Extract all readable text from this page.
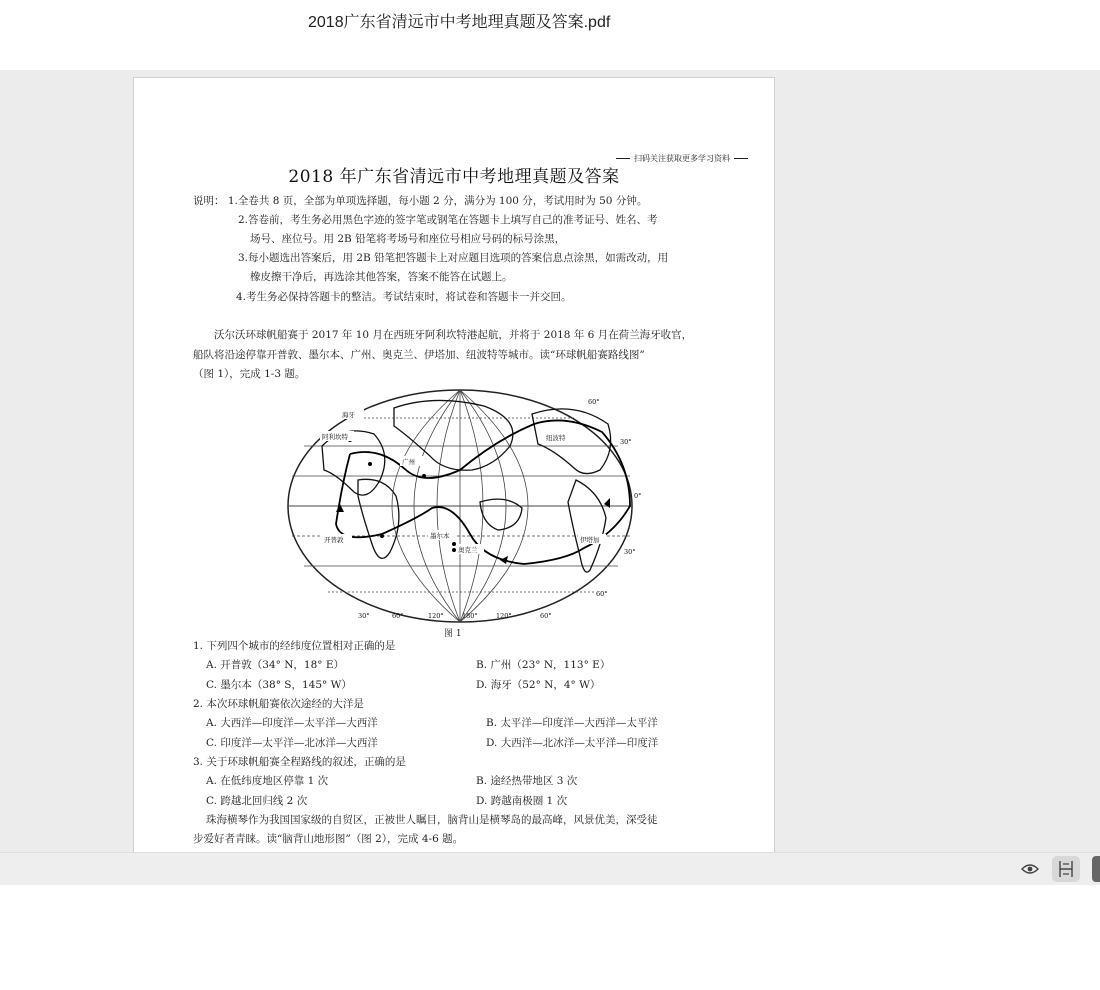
2018广东省清远市中考地理真题及答案.pdf
扫码关注获取更多学习资料
2018 年广东省清远市中考地理真题及答案
说明： 1.全卷共 8 页，全部为单项选择题，每小题 2 分，满分为 100 分，考试用时为 50 分钟。
2.答卷前，考生务必用黑色字迹的签字笔或钢笔在答题卡上填写自己的准考证号、姓名、考
场号、座位号。用 2B 铅笔将考场号和座位号相应号码的标号涂黑，
3.每小题选出答案后，用 2B 铅笔把答题卡上对应题目选项的答案信息点涂黑，如需改动，用
橡皮擦干净后，再选涂其他答案，答案不能答在试题上。
4.考生务必保持答题卡的整洁。考试结束时，将试卷和答题卡一并交回。
沃尔沃环球帆船赛于 2017 年 10 月在西班牙阿利坎特港起航，并将于 2018 年 6 月在荷兰海牙收官，
船队将沿途停靠开普敦、墨尔本、广州、奥克兰、伊塔加、纽波特等城市。读“环球帆船赛路线图”
（图 1），完成 1-3 题。
海牙
阿利坎特
广州
纽波特
开普敦	墨尔本
奥克兰
伊塔加
60°
30°
0°
30°
60°
30°	60°	120°	180°	120°	60°
图 1
1. 下列四个城市的经纬度位置相对正确的是
A. 开普敦（34° N，18° E）	B. 广州（23° N，113° E）
C. 墨尔本（38° S，145° W）	D. 海牙（52° N，4° W）
2. 本次环球帆船赛依次途经的大洋是
A. 大西洋—印度洋—太平洋—大西洋	B. 太平洋—印度洋—大西洋—太平洋
C. 印度洋—太平洋—北冰洋—大西洋	D. 大西洋—北冰洋—太平洋—印度洋
3. 关于环球帆船赛全程路线的叙述，正确的是
A. 在低纬度地区停靠 1 次	B. 途经热带地区 3 次
C. 跨越北回归线 2 次	D. 跨越南极圈 1 次
珠海横琴作为我国国家级的自贸区，正被世人瞩目，脑背山是横琴岛的最高峰，风景优美，深受徒
步爱好者青睐。读“脑背山地形图”（图 2），完成 4-6 题。
